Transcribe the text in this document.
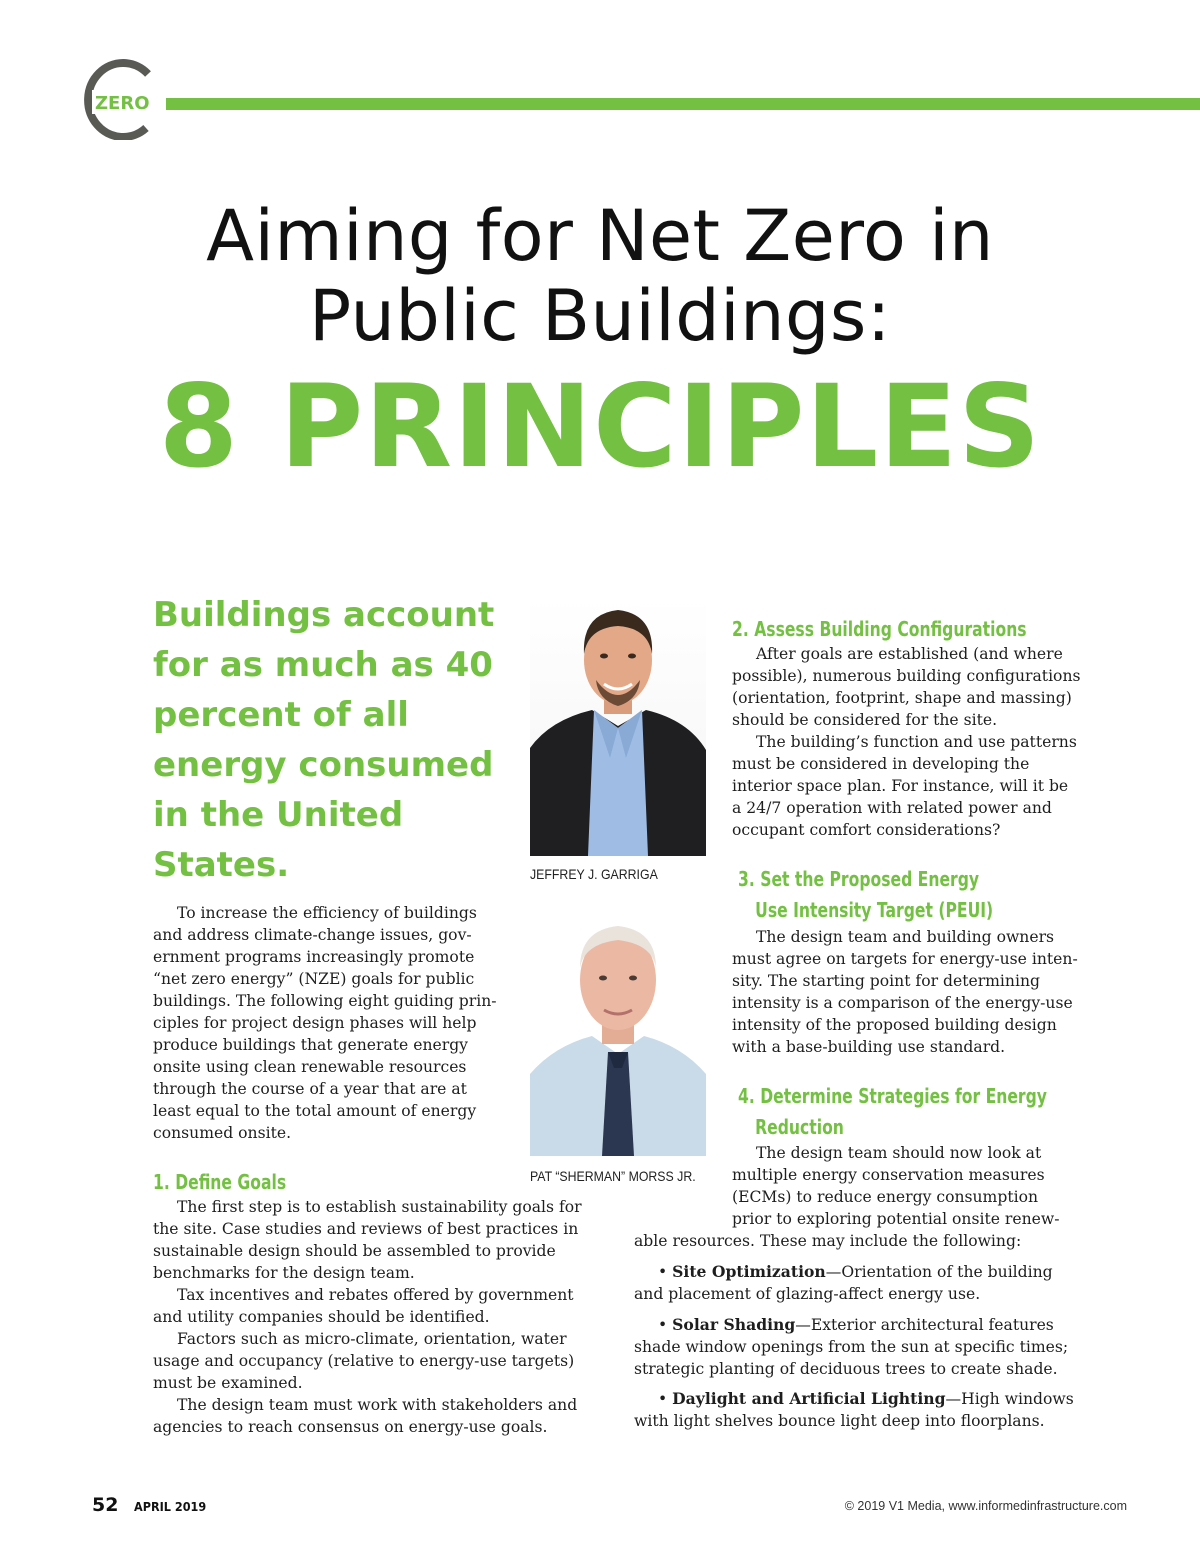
ZERO
Aiming for Net Zero in
Public Buildings:
8 PRINCIPLES
Buildings account for as much as 40 percent of all energy consumed in the United States.

To increase the efficiency of buildings and address climate-change issues, government programs increasingly promote “net zero energy” (NZE) goals for public buildings. The following eight guiding principles for project design phases will help produce buildings that generate energy onsite using clean renewable resources through the course of a year that are at least equal to the total amount of energy consumed onsite.

1. Define Goals

The first step is to establish sustainability goals for the site. Case studies and reviews of best practices in sustainable design should be assembled to provide benchmarks for the design team.

Tax incentives and rebates offered by government and utility companies should be identified.

Factors such as micro-climate, orientation, water usage and occupancy (relative to energy-use targets) must be examined.

The design team must work with stakeholders and agencies to reach consensus on energy-use goals.

JEFFREY J. GARRIGA
PAT “SHERMAN” MORSS JR.
2. Assess Building Configurations

After goals are established (and where possible), numerous building configurations (orientation, footprint, shape and massing) should be considered for the site.

The building’s function and use patterns must be considered in developing the interior space plan. For instance, will it be a 24/7 operation with related power and occupant comfort considerations?

3. Set the Proposed Energy
Use Intensity Target (PEUI)

The design team and building owners must agree on targets for energy-use intensity. The starting point for determining intensity is a comparison of the energy-use intensity of the proposed building design with a base-building use standard.

4. Determine Strategies for Energy
Reduction

The design team should now look at multiple energy conservation measures (ECMs) to reduce energy consumption prior to exploring potential onsite renew-

able resources. These may include the following:

• Site Optimization—Orientation of the building and placement of glazing-affect energy use.

• Solar Shading—Exterior architectural features shade window openings from the sun at specific times; strategic planting of deciduous trees to create shade.

• Daylight and Artificial Lighting—High windows with light shelves bounce light deep into floorplans.

52 APRIL 2019	© 2019 V1 Media, www.informedinfrastructure.com
